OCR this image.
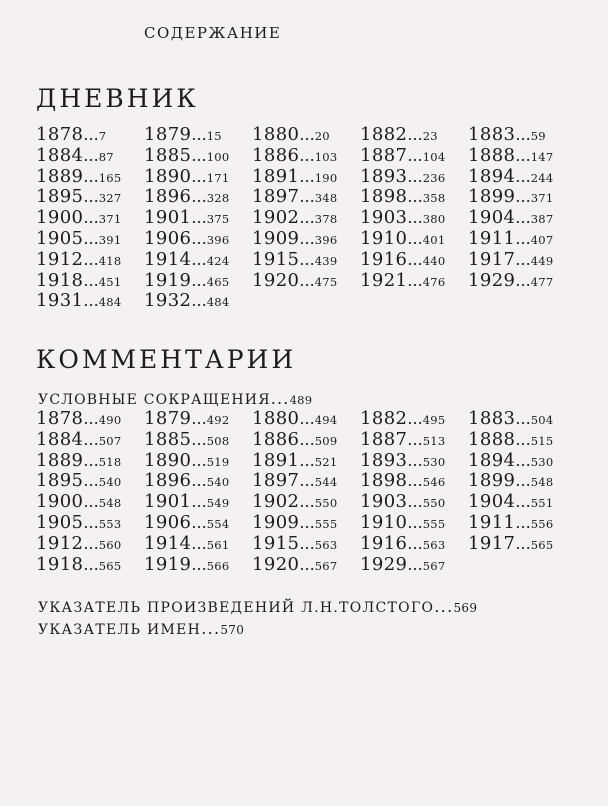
СОДЕРЖАНИЕ
ДНЕВНИК
1878...7	1879...15	1880...20	1882...23	1883...59
1884...87	1885...100	1886...103	1887...104	1888...147
1889...165	1890...171	1891...190	1893...236	1894...244
1895...327	1896...328	1897...348	1898...358	1899...371
1900...371	1901...375	1902...378	1903...380	1904...387
1905...391	1906...396	1909...396	1910...401	1911...407
1912...418	1914...424	1915...439	1916...440	1917...449
1918...451	1919...465	1920...475	1921...476	1929...477
1931...484	1932...484
КОММЕНТАРИИ
УСЛОВНЫЕ СОКРАЩЕНИЯ...489
1878...490	1879...492	1880...494	1882...495	1883...504
1884...507	1885...508	1886...509	1887...513	1888...515
1889...518	1890...519	1891...521	1893...530	1894...530
1895...540	1896...540	1897...544	1898...546	1899...548
1900...548	1901...549	1902...550	1903...550	1904...551
1905...553	1906...554	1909...555	1910...555	1911...556
1912...560	1914...561	1915...563	1916...563	1917...565
1918...565	1919...566	1920...567	1929...567
УКАЗАТЕЛЬ ПРОИЗВЕДЕНИЙ Л.Н.ТОЛСТОГО...569
УКАЗАТЕЛЬ ИМЕН...570
